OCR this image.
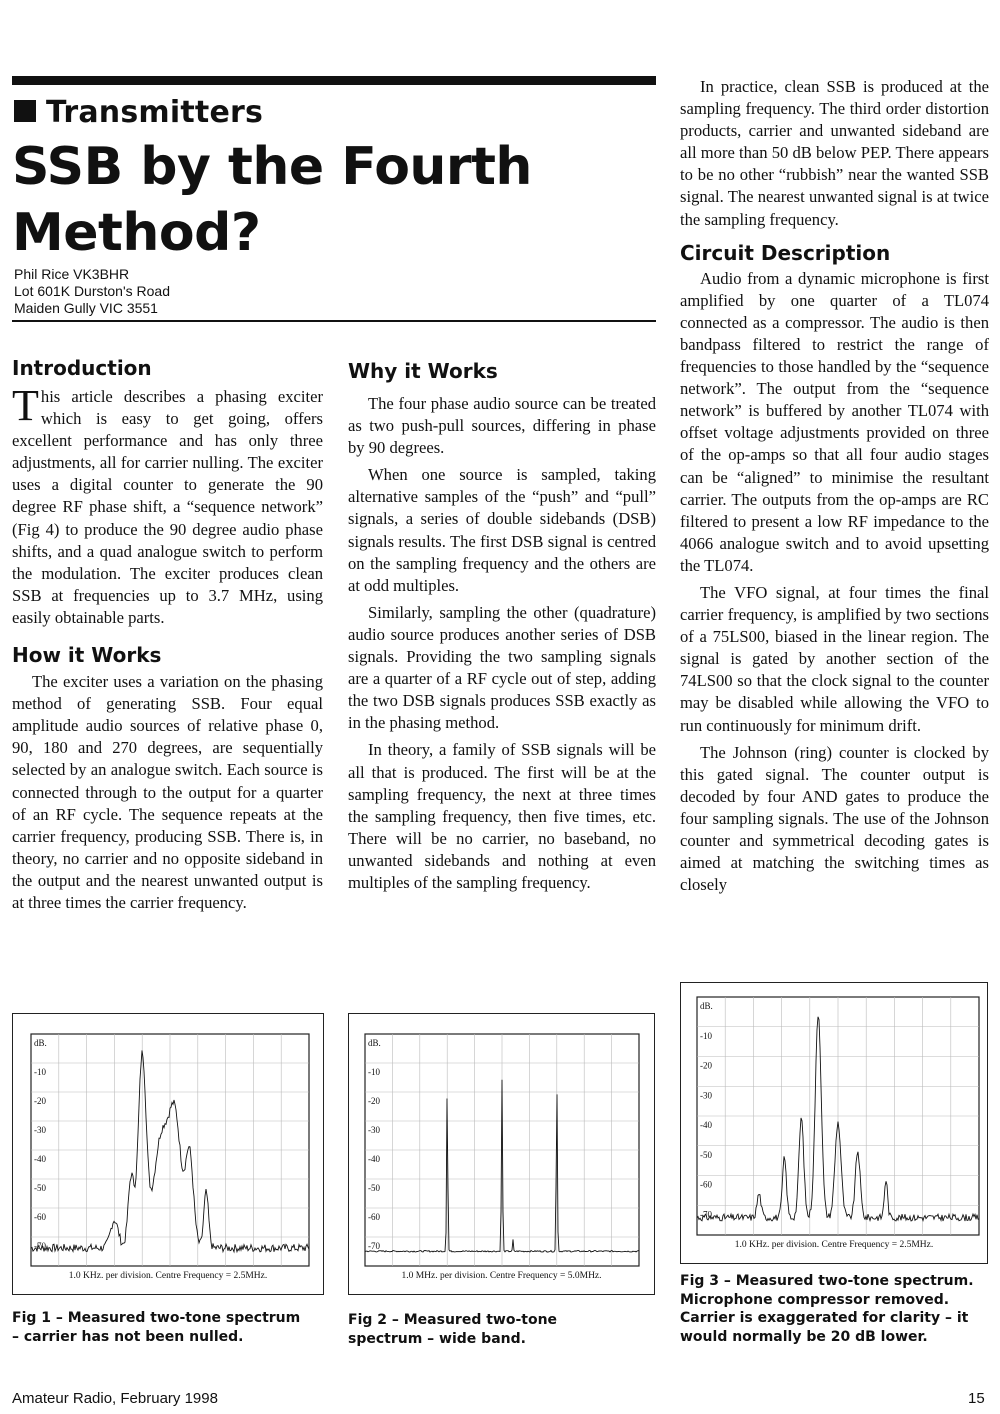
Transmitters
SSB by the Fourth
Method?
Phil Rice VK3BHR
Lot 601K Durston's Road
Maiden Gully VIC 3551
Introduction

This article describes a phasing exciter which is easy to get going, offers excellent performance and has only three adjustments, all for carrier nulling. The exciter uses a digital counter to generate the 90 degree RF phase shift, a “sequence network” (Fig 4) to produce the 90 degree audio phase shifts, and a quad analogue switch to perform the modulation. The exciter produces clean SSB at frequencies up to 3.7 MHz, using easily obtainable parts.

How it Works

The exciter uses a variation on the phasing method of generating SSB. Four equal amplitude audio sources of relative phase 0, 90, 180 and 270 degrees, are sequentially selected by an analogue switch. Each source is connected through to the output for a quarter of an RF cycle. The sequence repeats at the carrier frequency, producing SSB. There is, in theory, no carrier and no opposite sideband in the output and the nearest unwanted output is at three times the carrier frequency.

Why it Works

The four phase audio source can be treated as two push-pull sources, differing in phase by 90 degrees.

When one source is sampled, taking alternative samples of the “push” and “pull” signals, a series of double sidebands (DSB) signals results. The first DSB signal is centred on the sampling frequency and the others are at odd multiples.

Similarly, sampling the other (quadrature) audio source produces another series of DSB signals. Providing the two sampling signals are a quarter of a RF cycle out of step, adding the two DSB signals produces SSB exactly as in the phasing method.

In theory, a family of SSB signals will be all that is produced. The first will be at the sampling frequency, the next at three times the sampling frequency, then five times, etc. There will be no carrier, no baseband, no unwanted sidebands and nothing at even multiples of the sampling frequency.

In practice, clean SSB is produced at the sampling frequency. The third order distortion products, carrier and unwanted sideband are all more than 50 dB below PEP. There appears to be no other “rubbish” near the wanted SSB signal. The nearest unwanted signal is at twice the sampling frequency.

Circuit Description

Audio from a dynamic microphone is first amplified by one quarter of a TL074 connected as a compressor. The audio is then bandpass filtered to restrict the range of frequencies to those handled by the “sequence network”. The output from the “sequence network” is buffered by another TL074 with offset voltage adjustments provided on three of the op-amps so that all four audio stages can be “aligned” to minimise the resultant carrier. The outputs from the op-amps are RC filtered to present a low RF impedance to the 4066 analogue switch and to avoid upsetting the TL074.

The VFO signal, at four times the final carrier frequency, is amplified by two sections of a 75LS00, biased in the linear region. The signal is gated by another section of the 74LS00 so that the clock signal to the counter may be disabled while allowing the VFO to run continuously for minimum drift.

The Johnson (ring) counter is clocked by this gated signal. The counter output is decoded by four AND gates to produce the four sampling signals. The use of the Johnson counter and symmetrical decoding gates is aimed at matching the switching times as closely

dB.
-10
-20
-30
-40
-50
-60
-70
1.0 KHz. per division. Centre Frequency = 2.5MHz.
Fig 1 – Measured two-tone spectrum – carrier has not been nulled.
dB.
-10
-20
-30
-40
-50
-60
-70
1.0 MHz. per division. Centre Frequency = 5.0MHz.
Fig 2 – Measured two-tone spectrum – wide band.
dB.
-10
-20
-30
-40
-50
-60
-70
1.0 KHz. per division. Centre Frequency = 2.5MHz.
Fig 3 – Measured two-tone spectrum. Microphone compressor removed. Carrier is exaggerated for clarity – it would normally be 20 dB lower.
Amateur Radio, February 1998	15
